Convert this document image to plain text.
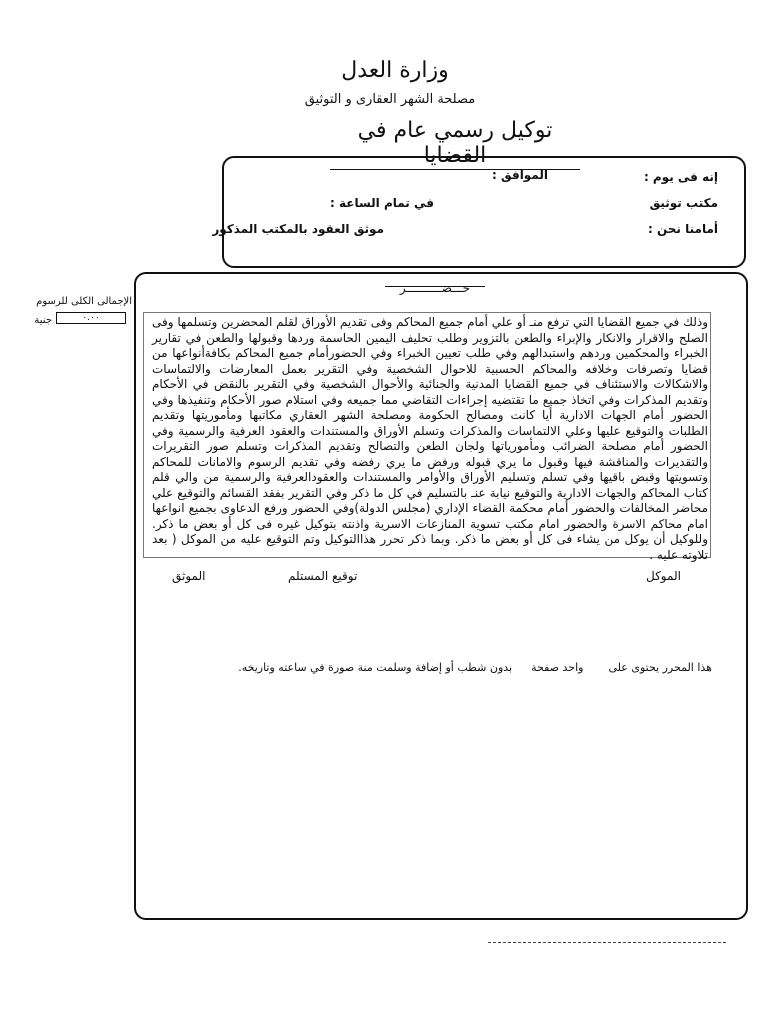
وزارة العدل
مصلحة الشهر العقارى و التوثيق
توكيل رسمي عام في القضايا
إنه فى يوم :
الموافق :
مكتب توثيق
في تمام الساعة :
أمامنا نحن :
موثق العقود بالمكتب المذكور
حـــضــــــــــر
الإجمالى الكلى للرسوم
جنية	٠.٠٠	وذلك في جميع القضايا التي ترفع منـ أو علي أمام جميع المحاكم وفى تقديم الأوراق لقلم المحضرين وتسلمها وفى الصلح والاقرار والانكار والإبراء والطعن بالتزوير وطلب تحليف اليمين الحاسمة وردها وقبولها والطعن في تقارير الخبراء والمحكمين وردهم واستبدالهم وفي طلب تعيين الخبراء وفي الحضورأمام جميع المحاكم بكافةأنواعها من قضايا وتصرفات وخلافه والمحاكم الحسبية للاحوال الشخصية وفي التقرير بعمل المعارضات والالتماسات والاشكالات والاستئناف في جميع القضايا المدنية والجنائية والأحوال الشخصية وفي التقرير بالنقض في الأحكام وتقديم المذكرات وفي اتخاذ جميع ما تقتضيه إجراءات التقاضي مما جميعه وفي استلام صور الأحكام وتنفيذها وفي الحضور أمام الجهات الادارية أيا كانت ومصالح الحكومة ومصلحة الشهر العقاري مكاتبها ومأموريتها وتقديم الطلبات والتوقيع عليها وعلي الالتماسات والمذكرات وتسلم الأوراق والمستندات والعقود العرفية والرسمية وفي الحضور أمام مصلحة الضرائب ومأمورياتها ولجان الطعن والتصالح وتقديم المذكرات وتسلم صور التقريرات والتقديرات والمناقشة فيها وقبول ما يري قبوله ورفض ما يري رفضه وفي تقديم الرسوم والامانات للمحاكم وتسويتها وقبض باقيها وفي تسلم وتسليم الأوراق والأوامر والمستندات والعقودالعرفية والرسمية من والي قلم كتاب المحاكم والجهات الادارية والتوقيع نيابة عنـ بالتسليم في كل ما ذكر وفي التقرير بفقد القسائم والتوقيع علي محاضر المخالفات والحضور أمام محكمة القضاء الإداري (مجلس الدولة)وفي الحضور ورفع الدعاوى بجميع انواعها امام محاكم الاسرة والحضور امام مكتب تسوية المنازعات الاسرية واذنته بتوكيل غيره فى كل أو بعض ما ذكر. وللوكيل أن يوكل من يشاء فى كل أو بعض ما ذكر. وبما ذكر تحرر هذاالتوكيل وتم التوقيع عليه من الموكل ( بعد تلاوته عليه .
الموكل
توقيع المستلم
الموثق
هذا المحرر يحتوى على  واحد صفحة  بدون شطب أو إضافة وسلمت منة صورة في ساعته وتاريخه.
